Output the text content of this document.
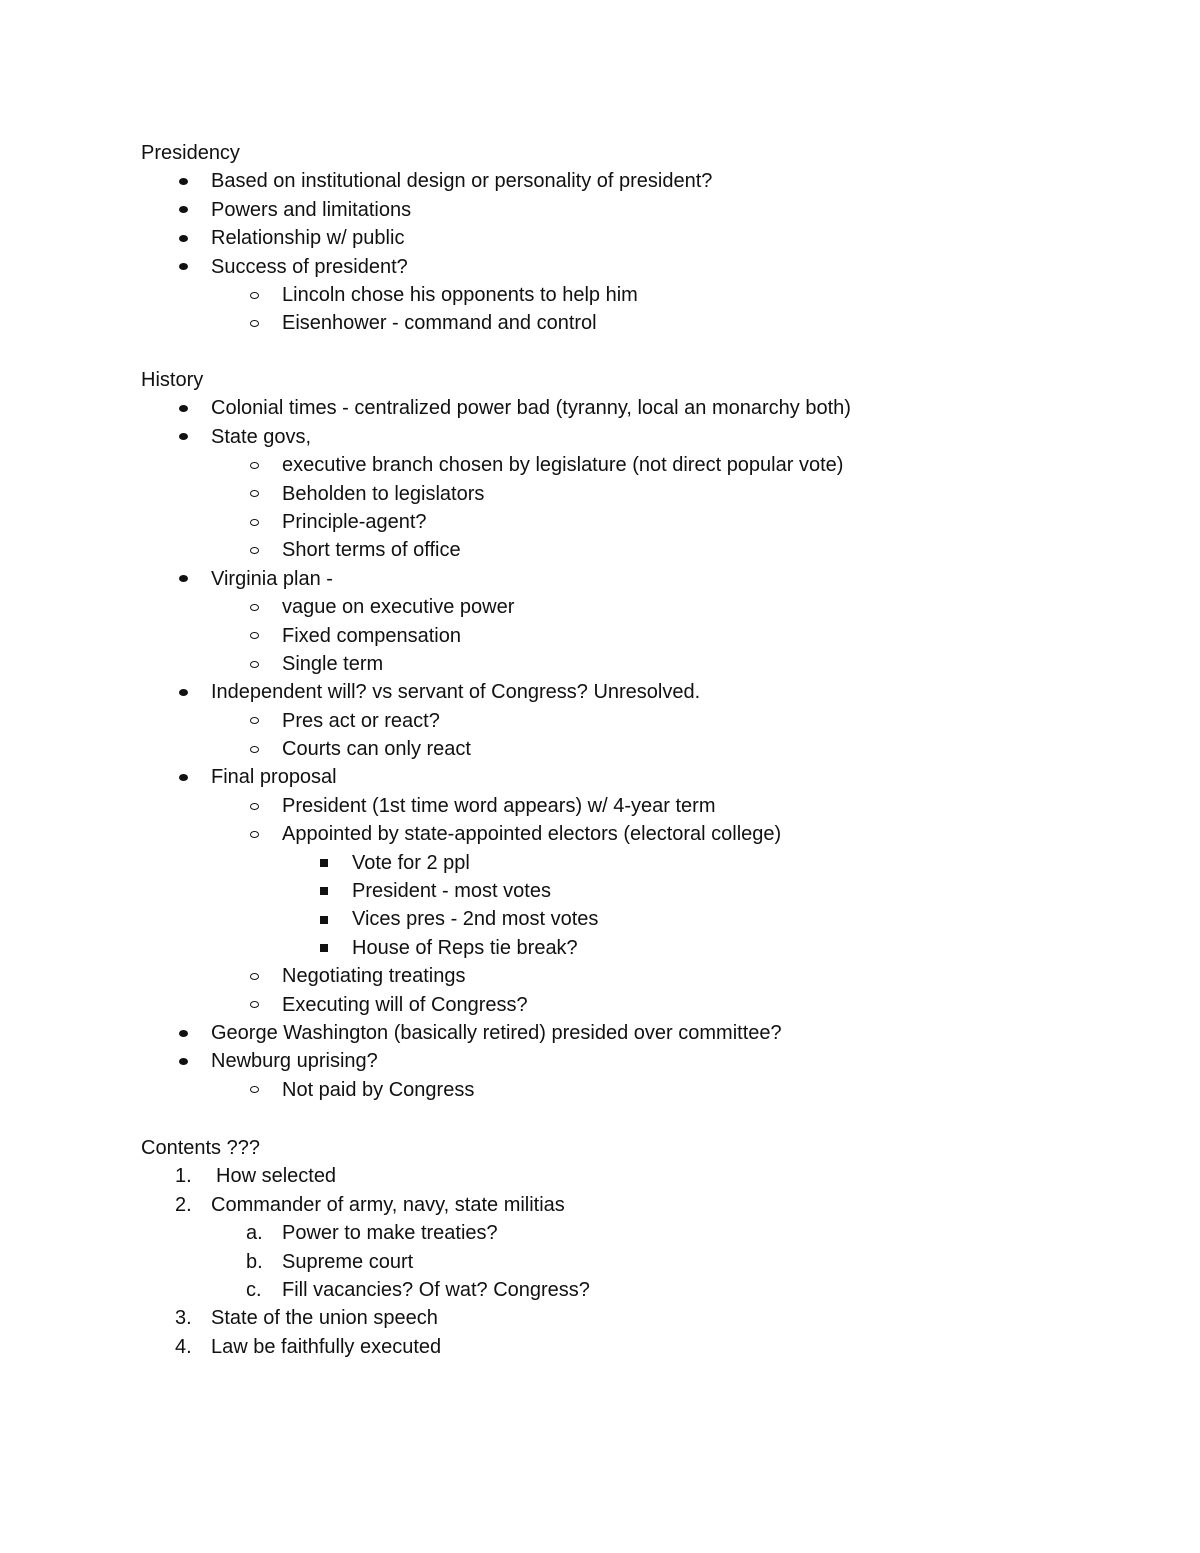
Presidency
Based on institutional design or personality of president?
Powers and limitations
Relationship w/ public
Success of president?
Lincoln chose his opponents to help him
Eisenhower - command and control
History
Colonial times - centralized power bad (tyranny, local an monarchy both)
State govs,
executive branch chosen by legislature (not direct popular vote)
Beholden to legislators
Principle-agent?
Short terms of office
Virginia plan -
vague on executive power
Fixed compensation
Single term
Independent will? vs servant of Congress? Unresolved.
Pres act or react?
Courts can only react
Final proposal
President (1st time word appears) w/ 4-year term
Appointed by state-appointed electors (electoral college)
Vote for 2 ppl
President - most votes
Vices pres - 2nd most votes
House of Reps tie break?
Negotiating treatings
Executing will of Congress?
George Washington (basically retired) presided over committee?
Newburg uprising?
Not paid by Congress
Contents ???
1. How selected
2. Commander of army, navy, state militias
a. Power to make treaties?
b. Supreme court
c. Fill vacancies? Of wat? Congress?
3. State of the union speech
4. Law be faithfully executed
